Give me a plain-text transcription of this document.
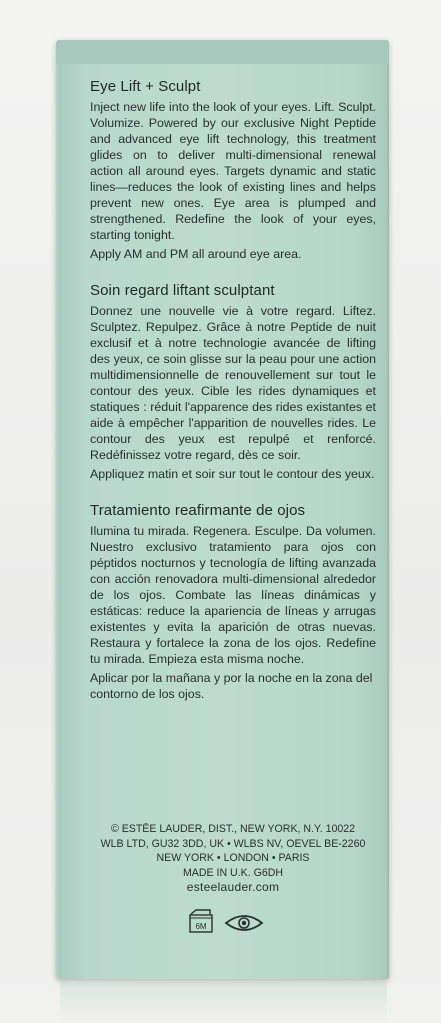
Eye Lift + Sculpt

Inject new life into the look of your eyes. Lift. Sculpt. Volumize. Powered by our exclusive Night Peptide and advanced eye lift technology, this treatment glides on to deliver multi-dimensional renewal action all around eyes. Targets dynamic and static lines—reduces the look of existing lines and helps prevent new ones. Eye area is plumped and strengthened. Redefine the look of your eyes, starting tonight.

Apply AM and PM all around eye area.

Soin regard liftant sculptant

Donnez une nouvelle vie à votre regard. Liftez. Sculptez. Repulpez. Grâce à notre Peptide de nuit exclusif et à notre technologie avancée de lifting des yeux, ce soin glisse sur la peau pour une action multidimensionnelle de renouvellement sur tout le contour des yeux. Cible les rides dynamiques et statiques : réduit l'apparence des rides existantes et aide à empêcher l'apparition de nouvelles rides. Le contour des yeux est repulpé et renforcé. Redéfinissez votre regard, dès ce soir.

Appliquez matin et soir sur tout le contour des yeux.

Tratamiento reafirmante de ojos

Ilumina tu mirada. Regenera. Esculpe. Da volumen. Nuestro exclusivo tratamiento para ojos con péptidos nocturnos y tecnología de lifting avanzada con acción renovadora multi-dimensional alrededor de los ojos. Combate las líneas dinámicas y estáticas: reduce la apariencia de líneas y arrugas existentes y evita la aparición de otras nuevas. Restaura y fortalece la zona de los ojos. Redefine tu mirada. Empieza esta misma noche.

Aplicar por la mañana y por la noche en la zona del contorno de los ojos.

© ESTĒE LAUDER, DIST., NEW YORK, N.Y. 10022
WLB LTD, GU32 3DD, UK • WLBS NV, OEVEL BE-2260
NEW YORK • LONDON • PARIS
MADE IN U.K. G6DH
esteelauder.com
6M
